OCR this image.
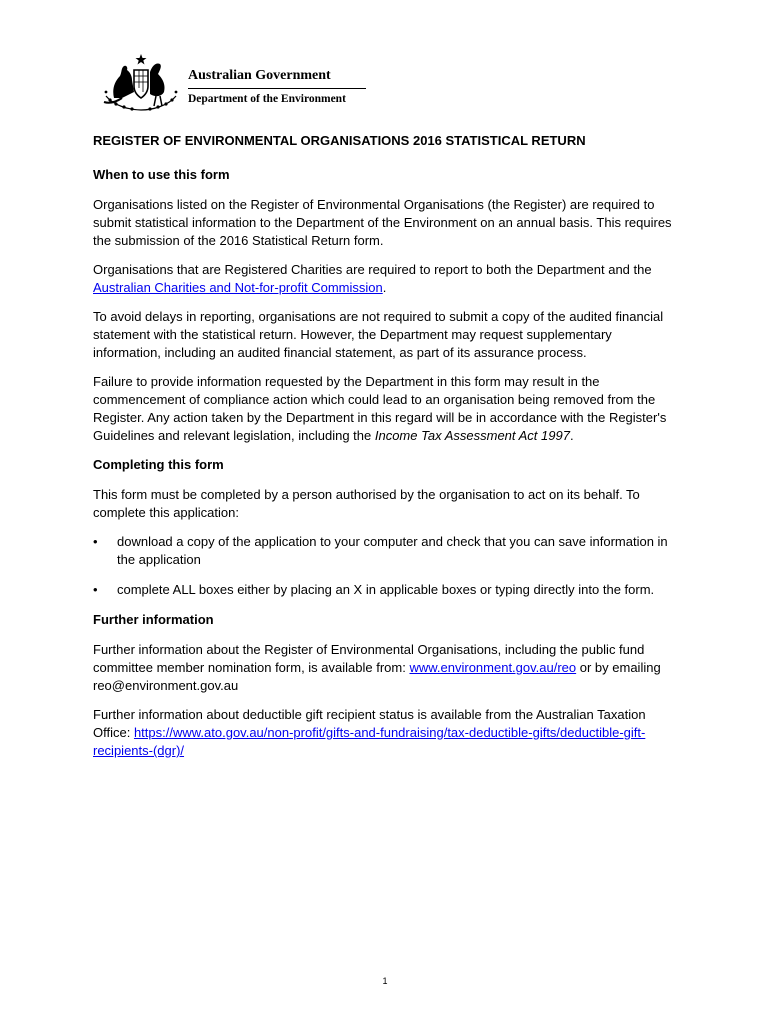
Australian Government
Department of the Environment
REGISTER OF ENVIRONMENTAL ORGANISATIONS 2016 STATISTICAL RETURN
When to use this form

Organisations listed on the Register of Environmental Organisations (the Register) are required to submit statistical information to the Department of the Environment on an annual basis. This requires the submission of the 2016 Statistical Return form.

Organisations that are Registered Charities are required to report to both the Department and the Australian Charities and Not-for-profit Commission.

To avoid delays in reporting, organisations are not required to submit a copy of the audited financial statement with the statistical return. However, the Department may request supplementary information, including an audited financial statement, as part of its assurance process.

Failure to provide information requested by the Department in this form may result in the commencement of compliance action which could lead to an organisation being removed from the Register. Any action taken by the Department in this regard will be in accordance with the Register's Guidelines and relevant legislation, including the Income Tax Assessment Act 1997.

Completing this form

This form must be completed by a person authorised by the organisation to act on its behalf. To complete this application:

• download a copy of the application to your computer and check that you can save information in the application
• complete ALL boxes either by placing an X in applicable boxes or typing directly into the form.
Further information

Further information about the Register of Environmental Organisations, including the public fund committee member nomination form, is available from: www.environment.gov.au/reo or by emailing reo@environment.gov.au

Further information about deductible gift recipient status is available from the Australian Taxation Office: https://www.ato.gov.au/non-profit/gifts-and-fundraising/tax-deductible-gifts/deductible-gift-recipients-(dgr)/

1
